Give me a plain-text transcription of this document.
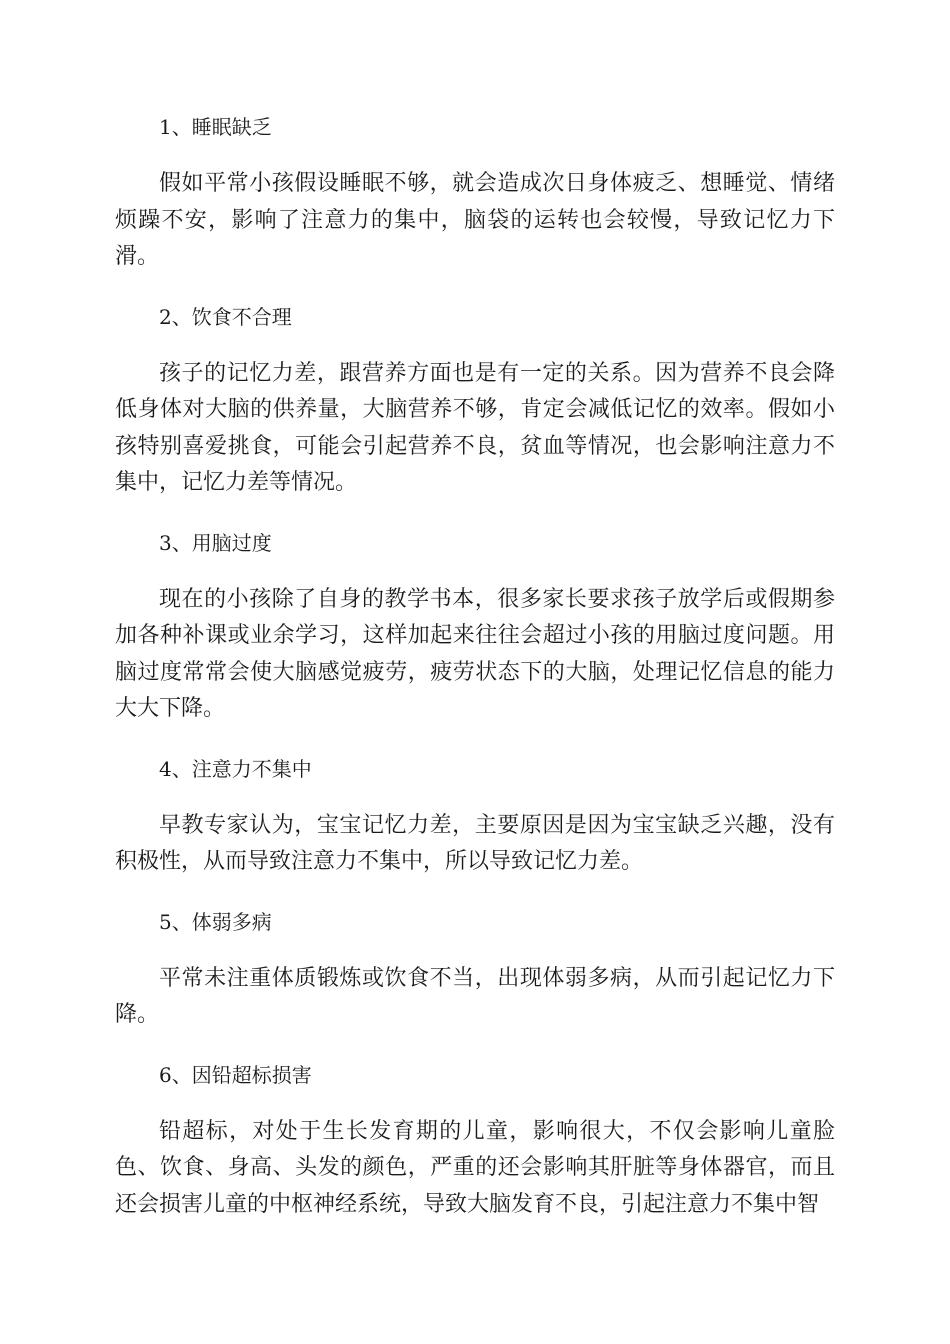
1、睡眠缺乏

假如平常小孩假设睡眠不够，就会造成次日身体疲乏、想睡觉、情绪烦躁不安，影响了注意力的集中，脑袋的运转也会较慢，导致记忆力下滑。

2、饮食不合理

孩子的记忆力差，跟营养方面也是有一定的关系。因为营养不良会降低身体对大脑的供养量，大脑营养不够，肯定会减低记忆的效率。假如小孩特别喜爱挑食，可能会引起营养不良，贫血等情况，也会影响注意力不集中，记忆力差等情况。

3、用脑过度

现在的小孩除了自身的教学书本，很多家长要求孩子放学后或假期参加各种补课或业余学习，这样加起来往往会超过小孩的用脑过度问题。用脑过度常常会使大脑感觉疲劳，疲劳状态下的大脑，处理记忆信息的能力大大下降。

4、注意力不集中

早教专家认为，宝宝记忆力差，主要原因是因为宝宝缺乏兴趣，没有积极性，从而导致注意力不集中，所以导致记忆力差。

5、体弱多病

平常未注重体质锻炼或饮食不当，出现体弱多病，从而引起记忆力下降。

6、因铅超标损害

铅超标，对处于生长发育期的儿童，影响很大，不仅会影响儿童脸色、饮食、身高、头发的颜色，严重的还会影响其肝脏等身体器官，而且还会损害儿童的中枢神经系统，导致大脑发育不良，引起注意力不集中智
